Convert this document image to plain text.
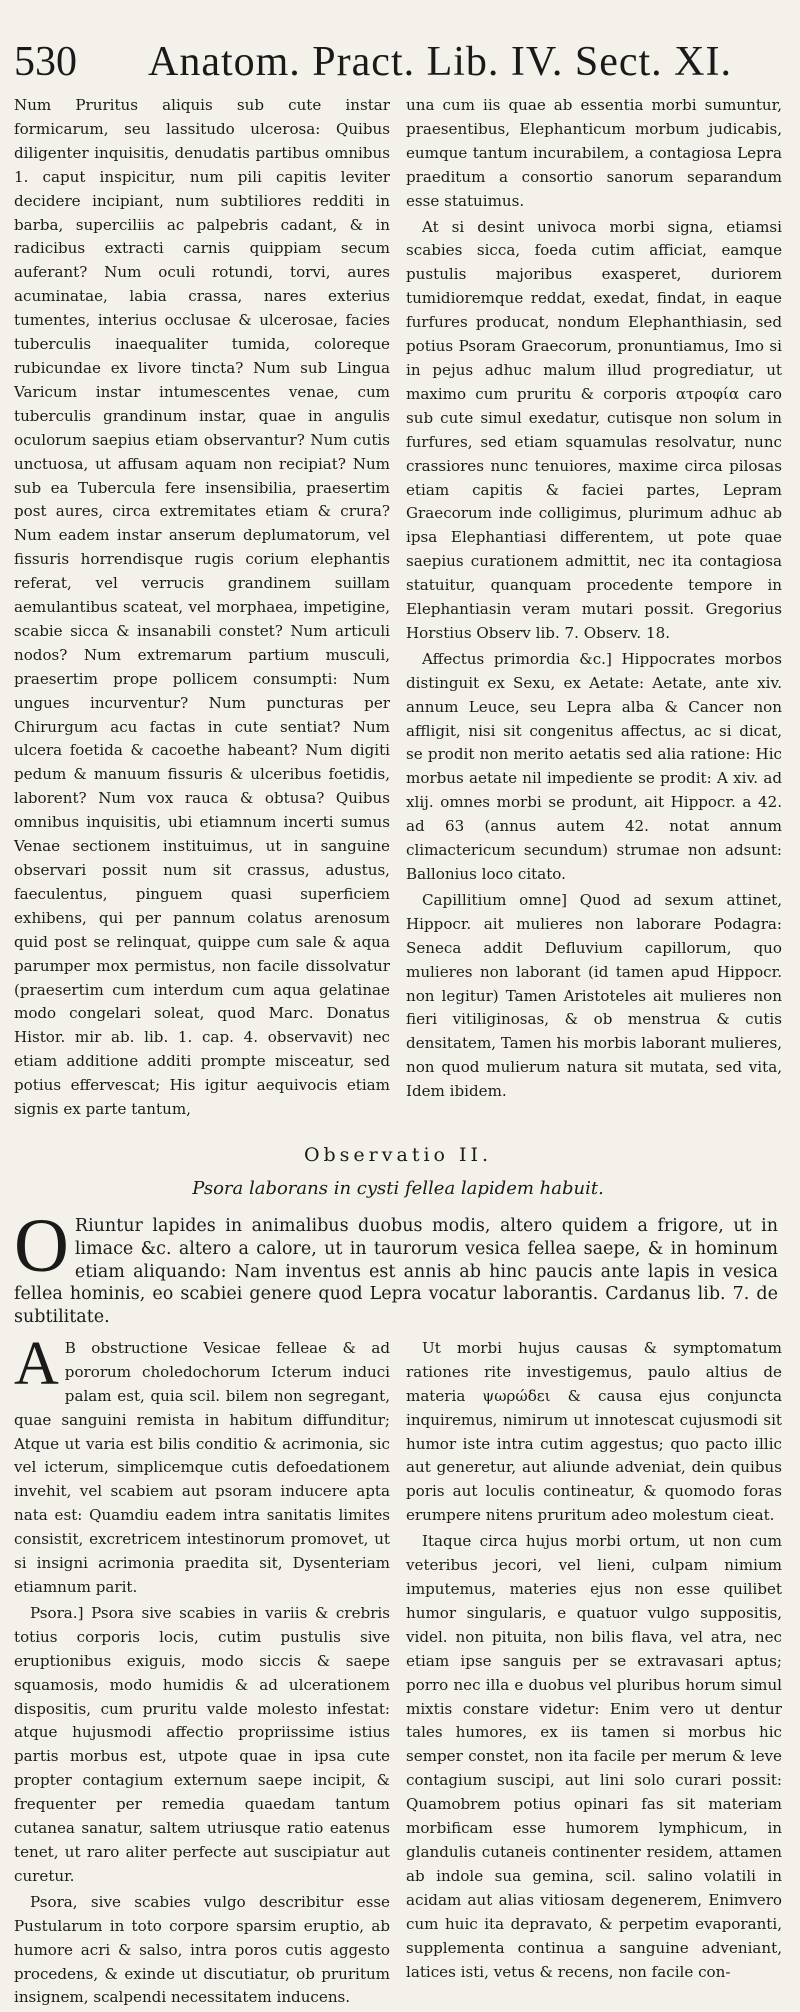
530	Anatom. Pract. Lib. IV. Sect. XI.

Num Pruritus aliquis sub cute instar formicarum, seu lassitudo ulcerosa: Quibus diligenter inquisitis, denudatis partibus omnibus 1. caput inspicitur, num pili capitis leviter decidere incipiant, num subtiliores redditi in barba, superciliis ac palpebris cadant, & in radicibus extracti carnis quippiam secum auferant? Num oculi rotundi, torvi, aures acuminatae, labia crassa, nares exterius tumentes, interius occlusae & ulcerosae, facies tuberculis inaequaliter tumida, coloreque rubicundae ex livore tincta? Num sub Lingua Varicum instar intumescentes venae, cum tuberculis grandinum instar, quae in angulis oculorum saepius etiam observantur? Num cutis unctuosa, ut affusam aquam non recipiat? Num sub ea Tubercula fere insensibilia, praesertim post aures, circa extremitates etiam & crura? Num eadem instar anserum deplumatorum, vel fissuris horrendisque rugis corium elephantis referat, vel verrucis grandinem suillam aemulantibus scateat, vel morphaea, impetigine, scabie sicca & insanabili constet? Num articuli nodos? Num extremarum partium musculi, praesertim prope pollicem consumpti: Num ungues incurventur? Num puncturas per Chirurgum acu factas in cute sentiat? Num ulcera foetida & cacoethe habeant? Num digiti pedum & manuum fissuris & ulceribus foetidis, laborent? Num vox rauca & obtusa? Quibus omnibus inquisitis, ubi etiamnum incerti sumus Venae sectionem instituimus, ut in sanguine observari possit num sit crassus, adustus, faeculentus, pinguem quasi superficiem exhibens, qui per pannum colatus arenosum quid post se relinquat, quippe cum sale & aqua parumper mox permistus, non facile dissolvatur (praesertim cum interdum cum aqua gelatinae modo congelari soleat, quod Marc. Donatus Histor. mir ab. lib. 1. cap. 4. observavit) nec etiam additione additi prompte misceatur, sed potius effervescat; His igitur aequivocis etiam signis ex parte tantum,

una cum iis quae ab essentia morbi sumuntur, praesentibus, Elephanticum morbum judicabis, eumque tantum incurabilem, a contagiosa Lepra praeditum a consortio sanorum separandum esse statuimus.

At si desint univoca morbi signa, etiamsi scabies sicca, foeda cutim afficiat, eamque pustulis majoribus exasperet, duriorem tumidioremque reddat, exedat, findat, in eaque furfures producat, nondum Elephanthiasin, sed potius Psoram Graecorum, pronuntiamus, Imo si in pejus adhuc malum illud progrediatur, ut maximo cum pruritu & corporis ατροφία caro sub cute simul exedatur, cutisque non solum in furfures, sed etiam squamulas resolvatur, nunc crassiores nunc tenuiores, maxime circa pilosas etiam capitis & faciei partes, Lepram Graecorum inde colligimus, plurimum adhuc ab ipsa Elephantiasi differentem, ut pote quae saepius curationem admittit, nec ita contagiosa statuitur, quanquam procedente tempore in Elephantiasin veram mutari possit. Gregorius Horstius Observ lib. 7. Observ. 18.

Affectus primordia &c.] Hippocrates morbos distinguit ex Sexu, ex Aetate: Aetate, ante xiv. annum Leuce, seu Lepra alba & Cancer non affligit, nisi sit congenitus affectus, ac si dicat, se prodit non merito aetatis sed alia ratione: Hic morbus aetate nil impediente se prodit: A xiv. ad xlij. omnes morbi se produnt, ait Hippocr. a 42. ad 63 (annus autem 42. notat annum climactericum secundum) strumae non adsunt: Ballonius loco citato.

Capillitium omne] Quod ad sexum attinet, Hippocr. ait mulieres non laborare Podagra: Seneca addit Defluvium capillorum, quo mulieres non laborant (id tamen apud Hippocr. non legitur) Tamen Aristoteles ait mulieres non fieri vitiliginosas, & ob menstrua & cutis densitatem, Tamen his morbis laborant mulieres, non quod mulierum natura sit mutata, sed vita, Idem ibidem.

Observatio II.
Psora laborans in cysti fellea lapidem habuit.
O Riuntur lapides in animalibus duobus modis, altero quidem a frigore, ut in limace &c. altero a calore, ut in taurorum vesica fellea saepe, & in hominum etiam aliquando: Nam inventus est annis ab hinc paucis ante lapis in vesica fellea hominis, eo scabiei genere quod Lepra vocatur laborantis. Cardanus lib. 7. de subtilitate.

A B obstructione Vesicae felleae & ad pororum choledochorum Icterum induci palam est, quia scil. bilem non segregant, quae sanguini remista in habitum diffunditur; Atque ut varia est bilis conditio & acrimonia, sic vel icterum, simplicemque cutis defoedationem invehit, vel scabiem aut psoram inducere apta nata est: Quamdiu eadem intra sanitatis limites consistit, excretricem intestinorum promovet, ut si insigni acrimonia praedita sit, Dysenteriam etiamnum parit.

Psora.] Psora sive scabies in variis & crebris totius corporis locis, cutim pustulis sive eruptionibus exiguis, modo siccis & saepe squamosis, modo humidis & ad ulcerationem dispositis, cum pruritu valde molesto infestat: atque hujusmodi affectio propriissime istius partis morbus est, utpote quae in ipsa cute propter contagium externum saepe incipit, & frequenter per remedia quaedam tantum cutanea sanatur, saltem utriusque ratio eatenus tenet, ut raro aliter perfecte aut suscipiatur aut curetur.

Psora, sive scabies vulgo describitur esse Pustularum in toto corpore sparsim eruptio, ab humore acri & salso, intra poros cutis aggesto procedens, & exinde ut discutiatur, ob pruritum insignem, scalpendi necessitatem inducens.

Ut morbi hujus causas & symptomatum rationes rite investigemus, paulo altius de materia ψωρώδει & causa ejus conjuncta inquiremus, nimirum ut innotescat cujusmodi sit humor iste intra cutim aggestus; quo pacto illic aut generetur, aut aliunde adveniat, dein quibus poris aut loculis contineatur, & quomodo foras erumpere nitens pruritum adeo molestum cieat.

Itaque circa hujus morbi ortum, ut non cum veteribus jecori, vel lieni, culpam nimium imputemus, materies ejus non esse quilibet humor singularis, e quatuor vulgo suppositis, videl. non pituita, non bilis flava, vel atra, nec etiam ipse sanguis per se extravasari aptus; porro nec illa e duobus vel pluribus horum simul mixtis constare videtur: Enim vero ut dentur tales humores, ex iis tamen si morbus hic semper constet, non ita facile per merum & leve contagium suscipi, aut lini solo curari possit: Quamobrem potius opinari fas sit materiam morbificam esse humorem lymphicum, in glandulis cutaneis continenter residem, attamen ab indole sua gemina, scil. salino volatili in acidam aut alias vitiosam degenerem, Enimvero cum huic ita depravato, & perpetim evaporanti, supplementa continua a sanguine adveniant, latices isti, vetus & recens, non facile con-
